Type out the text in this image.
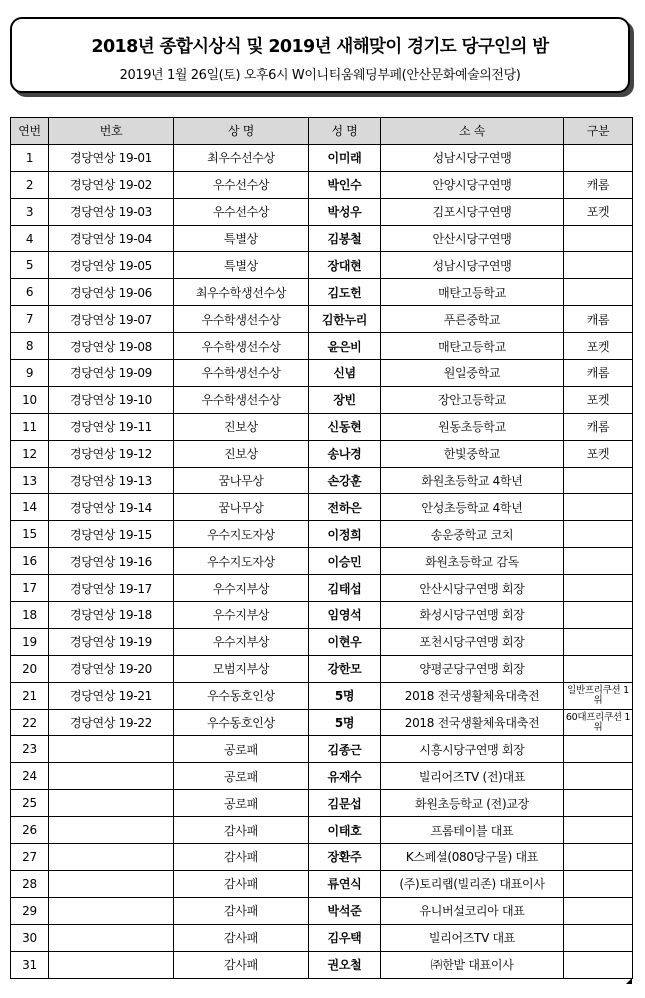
2018년 종합시상식 및 2019년 새해맞이 경기도 당구인의 밤
2019년 1월 26일(토) 오후6시 W이니티움웨딩부페(안산문화예술의전당)
연번	번호	상 명	성 명	소 속	구분
1	경당연상 19-01	최우수선수상	이미래	성남시당구연맹	
2	경당연상 19-02	우수선수상	박인수	안양시당구연맹	캐롬
3	경당연상 19-03	우수선수상	박성우	김포시당구연맹	포켓
4	경당연상 19-04	특별상	김봉철	안산시당구연맹	
5	경당연상 19-05	특별상	장대현	성남시당구연맹	
6	경당연상 19-06	최우수학생선수상	김도헌	매탄고등학교	
7	경당연상 19-07	우수학생선수상	김한누리	푸른중학교	캐롬
8	경당연상 19-08	우수학생선수상	윤은비	매탄고등학교	포켓
9	경당연상 19-09	우수학생선수상	신념	원일중학교	캐롬
10	경당연상 19-10	우수학생선수상	장빈	장안고등학교	포켓
11	경당연상 19-11	진보상	신동현	원동초등학교	캐롬
12	경당연상 19-12	진보상	송나경	한빛중학교	포켓
13	경당연상 19-13	꿈나무상	손강훈	화원초등학교 4학년	
14	경당연상 19-14	꿈나무상	전하은	안성초등학교 4학년	
15	경당연상 19-15	우수지도자상	이정희	송운중학교 코치	
16	경당연상 19-16	우수지도자상	이승민	화원초등학교 감독	
17	경당연상 19-17	우수지부상	김태섭	안산시당구연맹 회장	
18	경당연상 19-18	우수지부상	임영석	화성시당구연맹 회장	
19	경당연상 19-19	우수지부상	이현우	포천시당구연맹 회장	
20	경당연상 19-20	모범지부상	강한모	양평군당구연맹 회장	
21	경당연상 19-21	우수동호인상	5명	2018 전국생활체육대축전	일반프리쿠션 1위
22	경당연상 19-22	우수동호인상	5명	2018 전국생활체육대축전	60대프리쿠션 1위
23		공로패	김종근	시흥시당구연맹 회장	
24		공로패	유재수	빌리어즈TV (전)대표	
25		공로패	김문섭	화원초등학교 (전)교장	
26		감사패	이태호	프롬테이블 대표	
27		감사패	장환주	K스페셜(080당구물) 대표	
28		감사패	류연식	(주)토리랩(빌리존) 대표이사	
29		감사패	박석준	유니버설코리아 대표	
30		감사패	김우택	빌리어즈TV 대표	
31		감사패	권오철	㈜한밭 대표이사	
